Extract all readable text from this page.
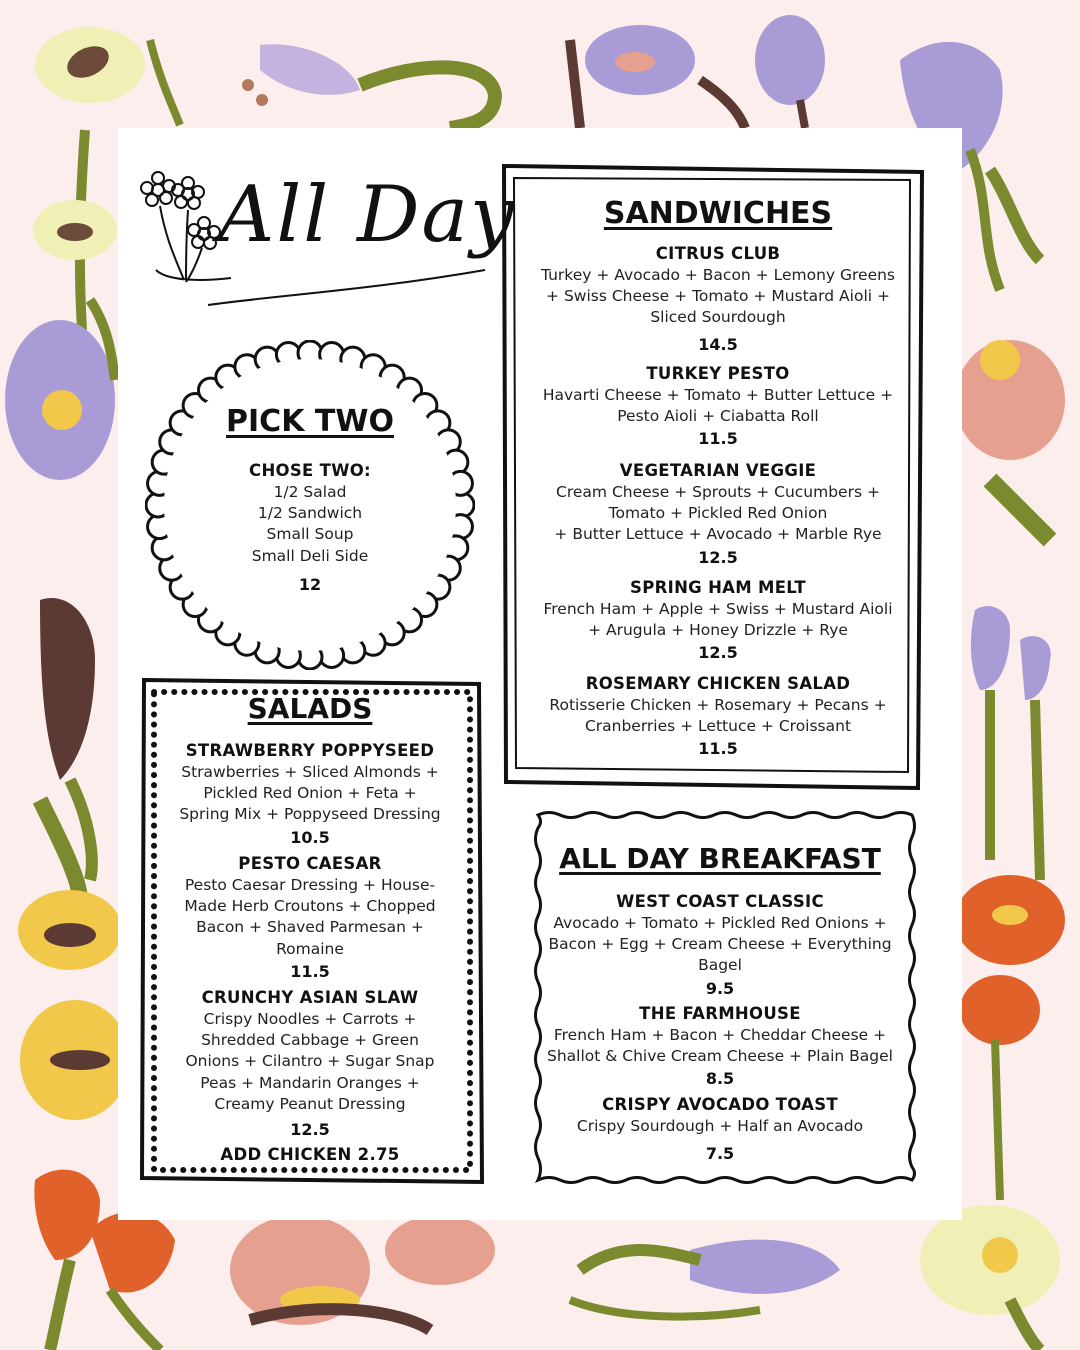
All Day
PICK TWO
CHOSE TWO:
1/2 Salad
1/2 Sandwich
Small Soup
Small Deli Side
12
SALADS
STRAWBERRY POPPYSEED
Strawberries + Sliced Almonds +
Pickled Red Onion + Feta +
Spring Mix + Poppyseed Dressing
10.5
PESTO CAESAR
Pesto Caesar Dressing + House-
Made Herb Croutons + Chopped
Bacon + Shaved Parmesan +
Romaine
11.5
CRUNCHY ASIAN SLAW
Crispy Noodles + Carrots +
Shredded Cabbage + Green
Onions + Cilantro + Sugar Snap
Peas + Mandarin Oranges +
Creamy Peanut Dressing
12.5
ADD CHICKEN 2.75
SANDWICHES
CITRUS CLUB
Turkey + Avocado + Bacon + Lemony Greens
+ Swiss Cheese + Tomato + Mustard Aioli +
Sliced Sourdough
14.5
TURKEY PESTO
Havarti Cheese + Tomato + Butter Lettuce +
Pesto Aioli + Ciabatta Roll
11.5
VEGETARIAN VEGGIE
Cream Cheese + Sprouts + Cucumbers +
Tomato + Pickled Red Onion
+ Butter Lettuce + Avocado + Marble Rye
12.5
SPRING HAM MELT
French Ham + Apple + Swiss + Mustard Aioli
+ Arugula + Honey Drizzle + Rye
12.5
ROSEMARY CHICKEN SALAD
Rotisserie Chicken + Rosemary + Pecans +
Cranberries + Lettuce + Croissant
11.5
ALL DAY BREAKFAST
WEST COAST CLASSIC
Avocado + Tomato + Pickled Red Onions +
Bacon + Egg + Cream Cheese + Everything
Bagel
9.5
THE FARMHOUSE
French Ham + Bacon + Cheddar Cheese +
Shallot & Chive Cream Cheese + Plain Bagel
8.5
CRISPY AVOCADO TOAST
Crispy Sourdough + Half an Avocado
7.5
